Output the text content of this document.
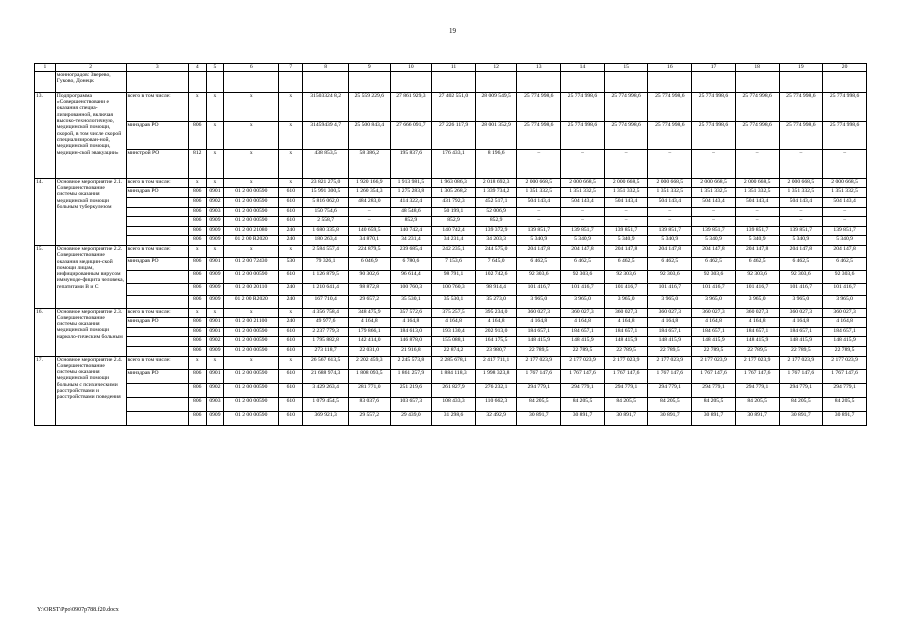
19
1	2	3	4	5	6	7	8	9	10	11	12	13	14	15	16	17	18	19	20
	монноградов: Зверево, Гуково, Донецк																		
13.	Подпрограмма «Совершенствовани е оказания специа-лизированной, включая высоко-технологичную, медицинской помощи, скорой, в том числе скорой специализирован-ной, медицинской помощи, медицин-ской эвакуации»	всего в том числе:	x	x	x	x	31503324 8,2	25 559 229,6	27 861 929,3	27 402 551,0	28 009 549,5	25 774 998,6	25 774 998,6	25 774 998,6	25 774 998,6	25 774 998,6	25 774 998,6	25 774 998,6	25 774 998,6
		минздрав РО	806	x	x	x	31459439 4,7	25 500 843,4	27 666 091,7	27 226 117,9	28 001 352,9	25 774 998,6	25 774 998,6	25 774 998,6	25 774 998,6	25 774 998,6	25 774 998,6	25 774 998,6	25 774 998,6
		минстрой РО	812	x	x	x	438 853,5	58 386,2	195 837,6	176 433,1	8 196,6	–	–	–	–	–	–	–	–
14.	Основное мероприятие 2.1. Совершенствование системы оказания медицинской помощи больным туберкулезом	всего в том числе:	x	x	x	x	23 821 275,0	1 920 166,9	1 913 981,5	1 963 086,3	2 018 692,3	2 000 668,5	2 000 668,5	2 000 668,5	2 000 668,5	2 000 668,5	2 000 668,5	2 000 668,5	2 000 668,5
		минздрав РО	806	0901	01 2 00 00590	610	15 991 300,5	1 260 354,3	1 275 283,8	1 305 268,2	1 339 734,2	1 351 332,5	1 351 332,5	1 351 332,5	1 351 332,5	1 351 332,5	1 351 332,5	1 351 332,5	1 351 332,5
			806	0902	01 2 00 00590	610	5 816 062,0	484 283,0	414 322,4	431 792,3	452 517,1	504 143,4	504 143,4	504 143,4	504 143,4	504 143,4	504 143,4	504 143,4	504 143,4
			806	0903	01 2 00 00590	610	150 754,6	–	48 548,6	50 199,1	52 006,9	–	–	–	–	–	–	–	–
			806	0909	01 2 00 00590	610	2 558,7	–	852,9	852,9	852,9	–	–	–	–	–	–	–	–
			806	0909	01 2 00 21080	240	1 680 335,8	140 659,5	140 742,4	140 742,4	139 372,9	139 851,7	139 851,7	139 851,7	139 851,7	139 851,7	139 851,7	139 851,7	139 851,7
			806	0909	01 2 00 R2020	240	180 263,4	34 870,1	34 231,4	34 231,4	34 203,3	5 340,9	5 340,9	5 340,9	5 340,9	5 340,9	5 340,9	5 340,9	5 340,9
15.	Основное мероприятие 2.2. Совершенствование оказания медицин-ской помощи лицам, инфицированным вирусом иммуноде-фицита человека, гепатитами В и С	всего в том числе:	x	x	x	x	2 584 557,4	224 879,5	239 685,4	242 235,1	244 575,0	204 147,8	204 147,8	204 147,8	204 147,8	204 147,8	204 147,8	204 147,8	204 147,8
		минздрав РО	806	0901	01 2 00 72430	530	79 326,1	6 046,9	6 780,6	7 153,6	7 645,0	6 462,5	6 462,5	6 462,5	6 462,5	6 462,5	6 462,5	6 462,5	6 462,5
			806	0909	01 2 00 00590	610	1 126 879,5	90 302,6	96 614,4	98 791,1	102 742,6	92 303,6	92 303,6	92 303,6	92 303,6	92 303,6	92 303,6	92 303,6	92 303,6
			806	0909	01 2 00 20110	240	1 210 641,4	98 872,8	100 760,3	100 760,3	98 914,4	101 416,7	101 416,7	101 416,7	101 416,7	101 416,7	101 416,7	101 416,7	101 416,7
			806	0909	01 2 00 R2020	240	167 710,4	29 657,2	35 530,1	35 530,1	35 273,0	3 965,0	3 965,0	3 965,0	3 965,0	3 965,0	3 965,0	3 965,0	3 965,0
16.	Основное мероприятие 2.3. Совершенствование системы оказания медицинской помощи нарколо-гическим больным	всего в том числе:	x	x	x	x	4 356 758,4	348 475,9	357 572,6	375 257,5	395 234,0	360 027,3	360 027,3	360 027,3	360 027,3	360 027,3	360 027,3	360 027,3	360 027,3
		минздрав РО	806	0901	01 2 00 21100	240	49 977,6	4 164,8	4 164,8	4 164,8	4 164,8	4 164,8	4 164,8	4 164,8	4 164,8	4 164,8	4 164,8	4 164,8	4 164,8
			806	0901	01 2 00 00590	610	2 237 779,3	179 866,1	184 613,0	193 130,4	202 913,0	184 657,1	184 657,1	184 657,1	184 657,1	184 657,1	184 657,1	184 657,1	184 657,1
			806	0902	01 2 00 00590	610	1 795 882,8	142 414,0	146 878,0	155 088,1	164 175,5	148 415,9	148 415,9	148 415,9	148 415,9	148 415,9	148 415,9	148 415,9	148 415,9
			806	0909	01 2 00 00590	610	273 118,7	22 031,0	21 916,8	22 874,2	23 980,7	22 789,5	22 789,5	22 789,5	22 789,5	22 789,5	22 789,5	22 789,5	22 789,5
17.	Основное мероприятие 2.4. Совершенствование системы оказания медицинской помощи больным с психическими расстройствами и расстройствами поведения	всего в том числе:	x	x	x	x	26 567 613,5	2 202 459,3	2 245 573,8	2 285 678,1	2 417 711,1	2 177 023,9	2 177 023,9	2 177 023,9	2 177 023,9	2 177 023,9	2 177 023,9	2 177 023,9	2 177 023,9
		минздрав РО	806	0901	01 2 00 00590	610	21 688 974,3	1 808 093,5	1 861 257,9	1 884 118,3	1 998 323,8	1 767 147,6	1 767 147,6	1 767 147,6	1 767 147,6	1 767 147,6	1 767 147,6	1 767 147,6	1 767 147,6
			806	0902	01 2 00 00590	610	3 429 263,4	281 771,0	251 219,6	261 827,9	276 232,1	294 779,1	294 779,1	294 779,1	294 779,1	294 779,1	294 779,1	294 779,1	294 779,1
			806	0903	01 2 00 00590	610	1 079 454,5	83 037,6	103 657,3	108 433,3	110 662,3	84 205,5	84 205,5	84 205,5	84 205,5	84 205,5	84 205,5	84 205,5	84 205,5
			806	0909	01 2 00 00590	610	369 921,3	29 557,2	29 439,0	31 298,6	32 492,9	30 891,7	30 891,7	30 891,7	30 891,7	30 891,7	30 891,7	30 891,7	30 891,7
Y:\ORST\Ppo\0907p788.f20.docx
